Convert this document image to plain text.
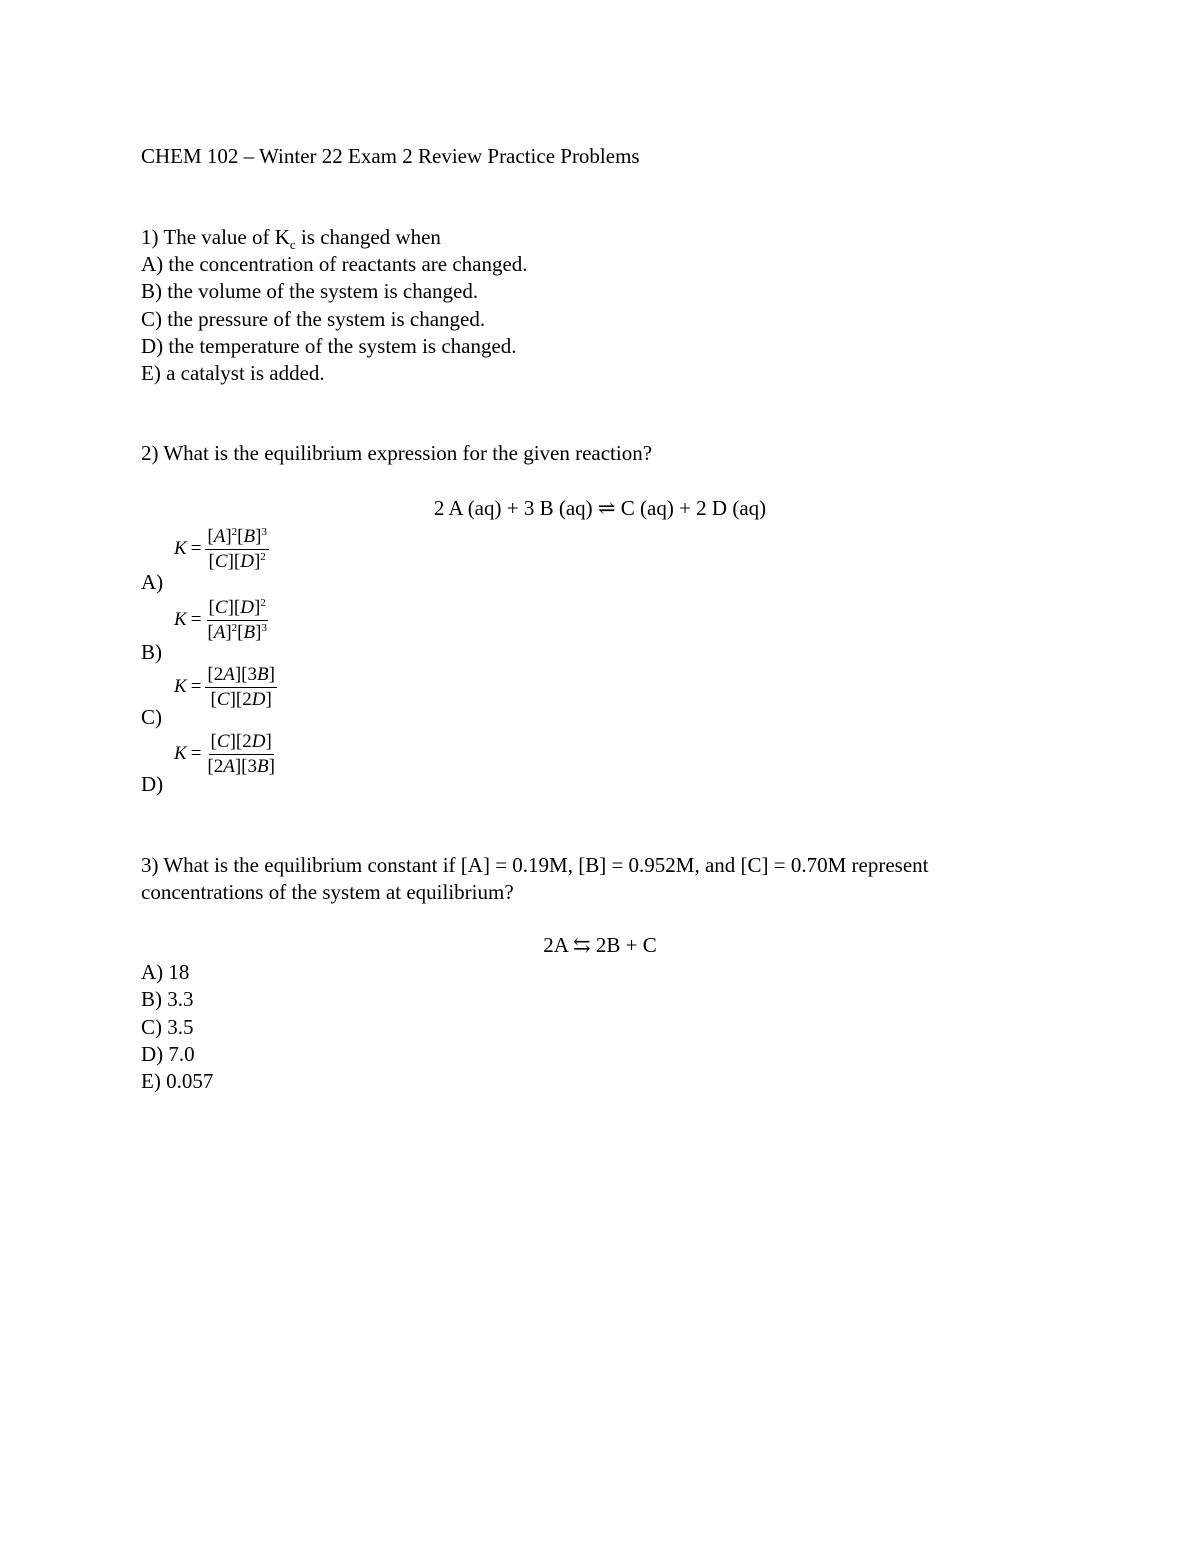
CHEM 102 – Winter 22 Exam 2 Review Practice Problems
1) The value of $K_c$ is changed when
A) the concentration of reactants are changed.
B) the volume of the system is changed.
C) the pressure of the system is changed.
D) the temperature of the system is changed.
E) a catalyst is added.
2) What is the equilibrium expression for the given reaction?
2 A (aq) + 3 B (aq) ⇌ C (aq) + 2 D (aq)
A)
$K = \frac{[A]^2[B]^3}{[C][D]^2}$
B)
$K = \frac{[C][D]^2}{[A]^2[B]^3}$
C)
$K = \frac{[2A][3B]}{[C][2D]}$
D)
$K = \frac{[C][2D]}{[2A][3B]}$
3) What is the equilibrium constant if [A] = 0.19M, [B] = 0.952M, and [C] = 0.70M represent
concentrations of the system at equilibrium?
2A ⇆ 2B + C
A) 18
B) 3.3
C) 3.5
D) 7.0
E) 0.057
